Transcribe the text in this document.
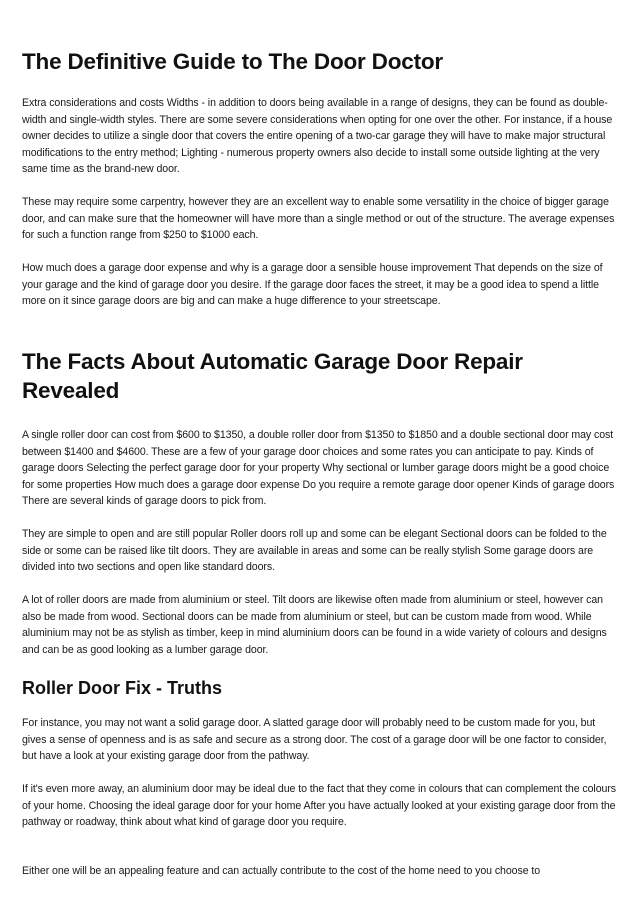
The Definitive Guide to The Door Doctor

Extra considerations and costs Widths - in addition to doors being available in a range of designs, they can be found as double-width and single-width styles. There are some severe considerations when opting for one over the other. For instance, if a house owner decides to utilize a single door that covers the entire opening of a two-car garage they will have to make major structural modifications to the entry method; Lighting - numerous property owners also decide to install some outside lighting at the very same time as the brand-new door.

These may require some carpentry, however they are an excellent way to enable some versatility in the choice of bigger garage door, and can make sure that the homeowner will have more than a single method or out of the structure. The average expenses for such a function range from $250 to $1000 each.

How much does a garage door expense and why is a garage door a sensible house improvement That depends on the size of your garage and the kind of garage door you desire. If the garage door faces the street, it may be a good idea to spend a little more on it since garage doors are big and can make a huge difference to your streetscape.

The Facts About Automatic Garage Door Repair Revealed

A single roller door can cost from $600 to $1350, a double roller door from $1350 to $1850 and a double sectional door may cost between $1400 and $4600. These are a few of your garage door choices and some rates you can anticipate to pay. Kinds of garage doors Selecting the perfect garage door for your property Why sectional or lumber garage doors might be a good choice for some properties How much does a garage door expense Do you require a remote garage door opener Kinds of garage doors There are several kinds of garage doors to pick from.

They are simple to open and are still popular Roller doors roll up and some can be elegant Sectional doors can be folded to the side or some can be raised like tilt doors. They are available in areas and some can be really stylish Some garage doors are divided into two sections and open like standard doors.

A lot of roller doors are made from aluminium or steel. Tilt doors are likewise often made from aluminium or steel, however can also be made from wood. Sectional doors can be made from aluminium or steel, but can be custom made from wood. While aluminium may not be as stylish as timber, keep in mind aluminium doors can be found in a wide variety of colours and designs and can be as good looking as a lumber garage door.

Roller Door Fix - Truths

For instance, you may not want a solid garage door. A slatted garage door will probably need to be custom made for you, but gives a sense of openness and is as safe and secure as a strong door. The cost of a garage door will be one factor to consider, but have a look at your existing garage door from the pathway.

If it's even more away, an aluminium door may be ideal due to the fact that they come in colours that can complement the colours of your home. Choosing the ideal garage door for your home After you have actually looked at your existing garage door from the pathway or roadway, think about what kind of garage door you require.

Either one will be an appealing feature and can actually contribute to the cost of the home need to you choose to
